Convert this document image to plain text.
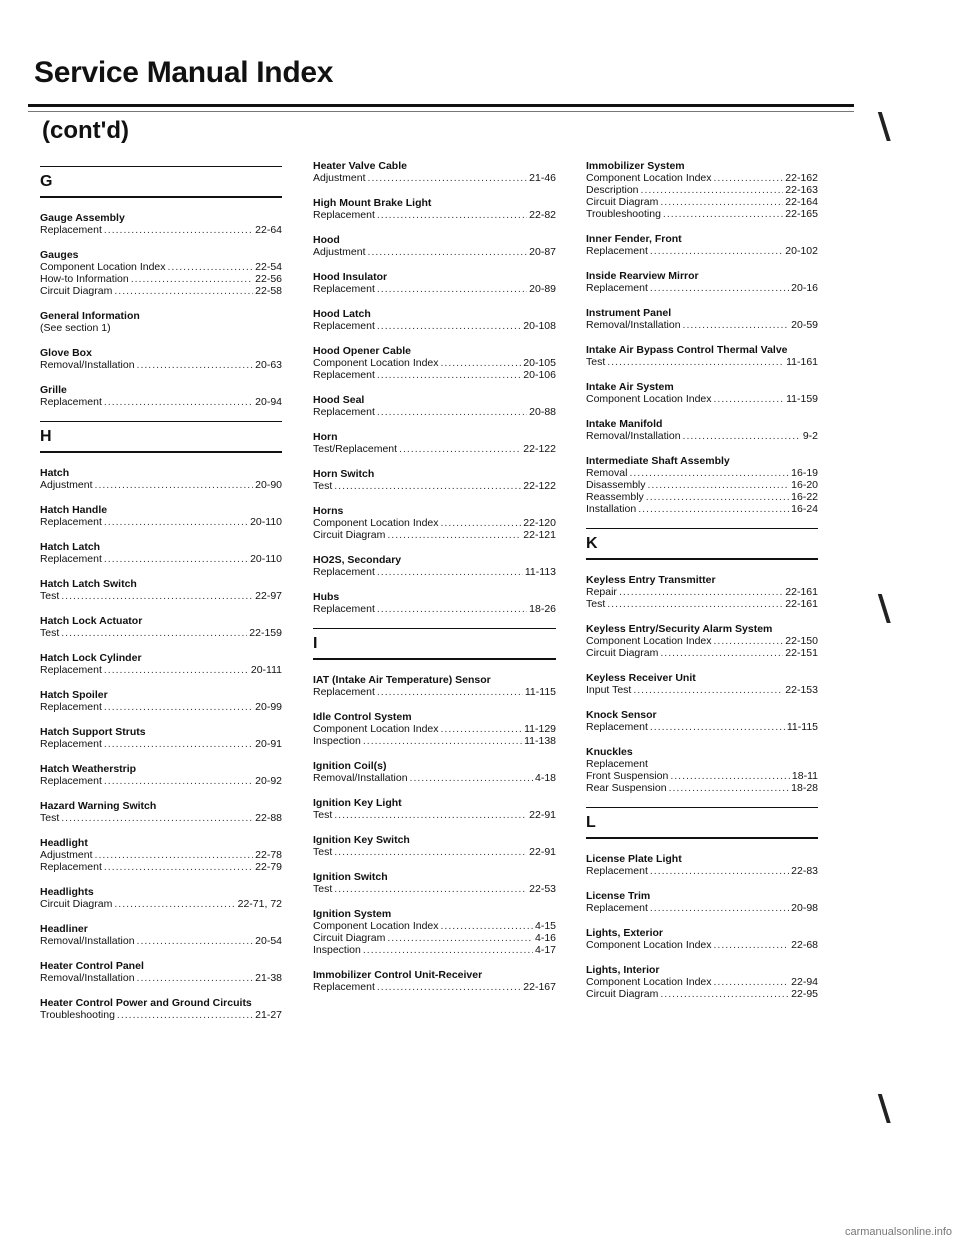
Service Manual Index
(cont'd)
G
Gauge Assembly
Replacement .....	22-64
Gauges
Component Location Index .....	22-54
How-to Information .....	22-56
Circuit Diagram .....	22-58
General Information
(See section 1)
Glove Box
Removal/Installation .....	20-63
Grille
Replacement .....	20-94
H
Hatch
Adjustment .....	20-90
Hatch Handle
Replacement .....	20-110
Hatch Latch
Replacement .....	20-110
Hatch Latch Switch
Test .....	22-97
Hatch Lock Actuator
Test .....	22-159
Hatch Lock Cylinder
Replacement .....	20-111
Hatch Spoiler
Replacement .....	20-99
Hatch Support Struts
Replacement .....	20-91
Hatch Weatherstrip
Replacement .....	20-92
Hazard Warning Switch
Test .....	22-88
Headlight
Adjustment .....	22-78
Replacement .....	22-79
Headlights
Circuit Diagram .....	22-71, 72
Headliner
Removal/Installation .....	20-54
Heater Control Panel
Removal/Installation .....	21-38
Heater Control Power and Ground Circuits
Troubleshooting .....	21-27
Heater Valve Cable
Adjustment .....	21-46
High Mount Brake Light
Replacement .....	22-82
Hood
Adjustment .....	20-87
Hood Insulator
Replacement .....	20-89
Hood Latch
Replacement .....	20-108
Hood Opener Cable
Component Location Index .....	20-105
Replacement .....	20-106
Hood Seal
Replacement .....	20-88
Horn
Test/Replacement .....	22-122
Horn Switch
Test .....	22-122
Horns
Component Location Index .....	22-120
Circuit Diagram .....	22-121
HO2S, Secondary
Replacement .....	11-113
Hubs
Replacement .....	18-26
I
IAT (Intake Air Temperature) Sensor
Replacement .....	11-115
Idle Control System
Component Location Index .....	11-129
Inspection .....	11-138
Ignition Coil(s)
Removal/Installation .....	4-18
Ignition Key Light
Test .....	22-91
Ignition Key Switch
Test .....	22-91
Ignition Switch
Test .....	22-53
Ignition System
Component Location Index .....	4-15
Circuit Diagram .....	4-16
Inspection .....	4-17
Immobilizer Control Unit-Receiver
Replacement .....	22-167
Immobilizer System
Component Location Index .....	22-162
Description .....	22-163
Circuit Diagram .....	22-164
Troubleshooting .....	22-165
Inner Fender, Front
Replacement .....	20-102
Inside Rearview Mirror
Replacement .....	20-16
Instrument Panel
Removal/Installation .....	20-59
Intake Air Bypass Control Thermal Valve
Test .....	11-161
Intake Air System
Component Location Index .....	11-159
Intake Manifold
Removal/Installation .....	9-2
Intermediate Shaft Assembly
Removal .....	16-19
Disassembly .....	16-20
Reassembly .....	16-22
Installation .....	16-24
K
Keyless Entry Transmitter
Repair .....	22-161
Test .....	22-161
Keyless Entry/Security Alarm System
Component Location Index .....	22-150
Circuit Diagram .....	22-151
Keyless Receiver Unit
Input Test .....	22-153
Knock Sensor
Replacement .....	11-115
Knuckles
Replacement
Front Suspension .....	18-11
Rear Suspension .....	18-28
L
License Plate Light
Replacement .....	22-83
License Trim
Replacement .....	20-98
Lights, Exterior
Component Location Index .....	22-68
Lights, Interior
Component Location Index .....	22-94
Circuit Diagram .....	22-95
∖
∖
∖
carmanualsonline.info
